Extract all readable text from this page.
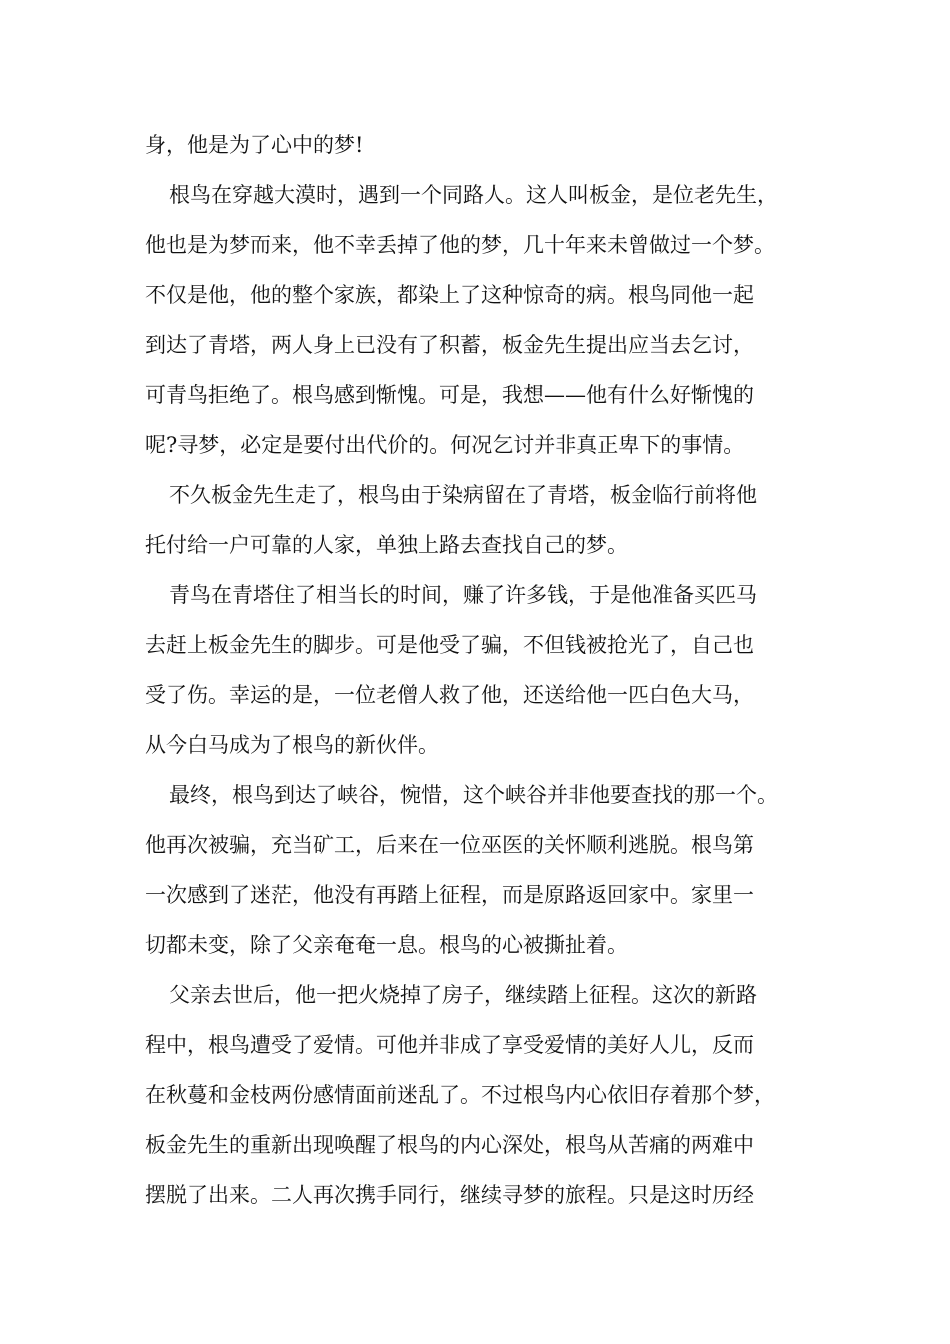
身，他是为了心中的梦!
根鸟在穿越大漠时，遇到一个同路人。这人叫板金，是位老先生，
他也是为梦而来，他不幸丢掉了他的梦，几十年来未曾做过一个梦。
不仅是他，他的整个家族，都染上了这种惊奇的病。根鸟同他一起
到达了青塔，两人身上已没有了积蓄，板金先生提出应当去乞讨，
可青鸟拒绝了。根鸟感到惭愧。可是，我想——他有什么好惭愧的
呢?寻梦，必定是要付出代价的。何况乞讨并非真正卑下的事情。
不久板金先生走了，根鸟由于染病留在了青塔，板金临行前将他
托付给一户可靠的人家，单独上路去查找自己的梦。
青鸟在青塔住了相当长的时间，赚了许多钱，于是他准备买匹马
去赶上板金先生的脚步。可是他受了骗，不但钱被抢光了，自己也
受了伤。幸运的是，一位老僧人救了他，还送给他一匹白色大马，
从今白马成为了根鸟的新伙伴。
最终，根鸟到达了峡谷，惋惜，这个峡谷并非他要查找的那一个。
他再次被骗，充当矿工，后来在一位巫医的关怀顺利逃脱。根鸟第
一次感到了迷茫，他没有再踏上征程，而是原路返回家中。家里一
切都未变，除了父亲奄奄一息。根鸟的心被撕扯着。
父亲去世后，他一把火烧掉了房子，继续踏上征程。这次的新路
程中，根鸟遭受了爱情。可他并非成了享受爱情的美好人儿，反而
在秋蔓和金枝两份感情面前迷乱了。不过根鸟内心依旧存着那个梦，
板金先生的重新出现唤醒了根鸟的内心深处，根鸟从苦痛的两难中
摆脱了出来。二人再次携手同行，继续寻梦的旅程。只是这时历经
